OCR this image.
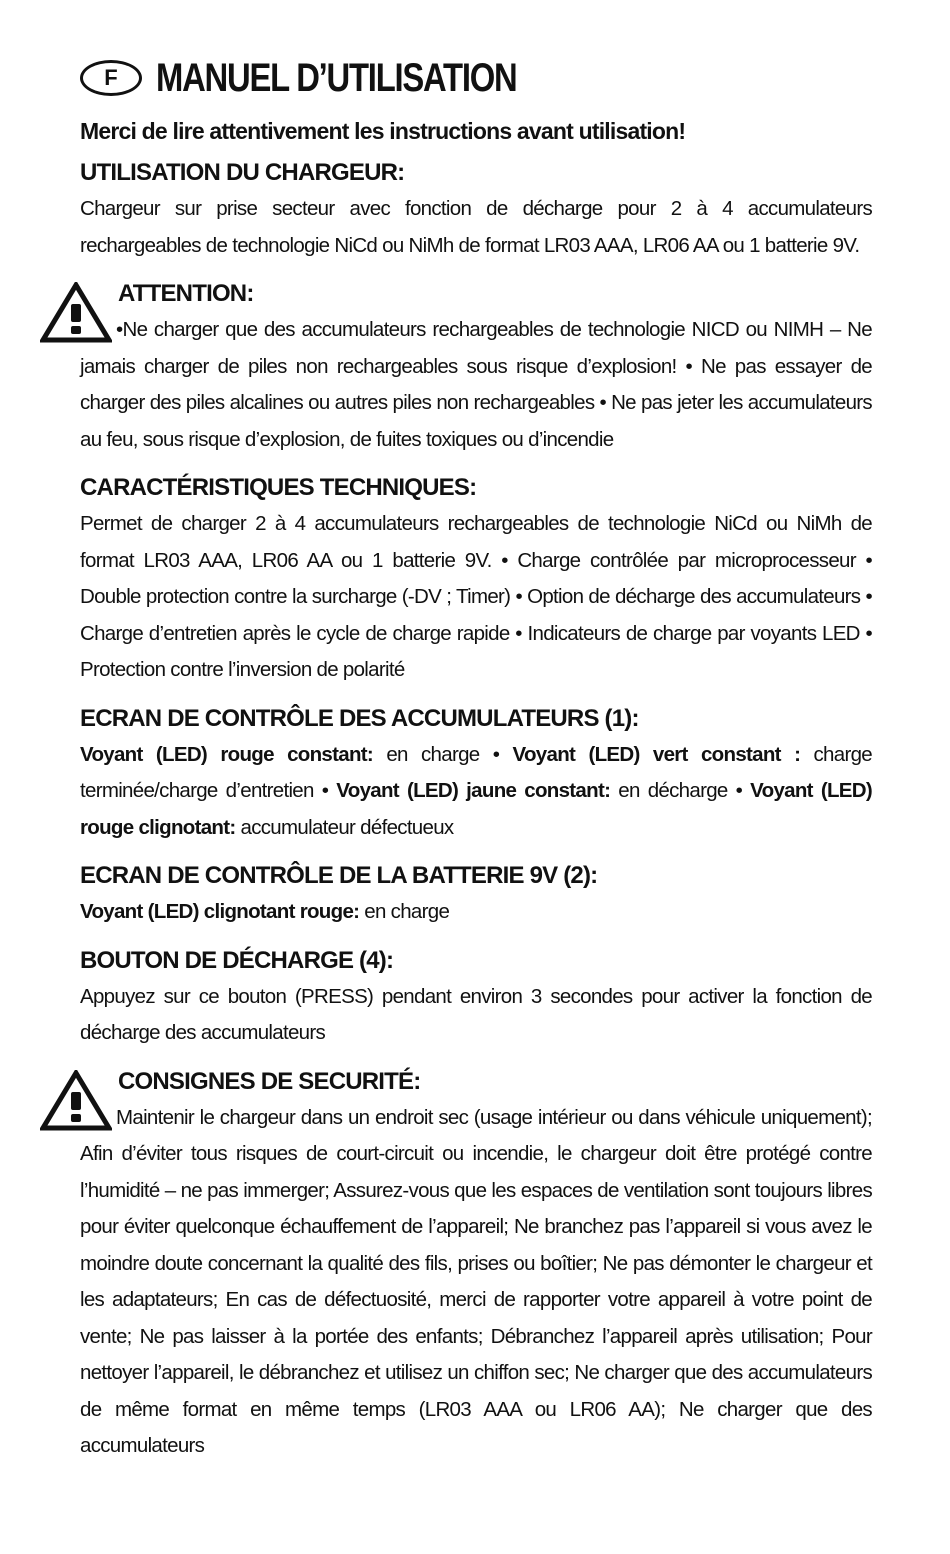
F MANUEL D’UTILISATION
Merci de lire attentivement les instructions avant utilisation!
UTILISATION DU CHARGEUR:

Chargeur sur prise secteur avec fonction de décharge pour 2 à 4 accumulateurs rechargeables de technologie NiCd ou NiMh de format LR03 AAA, LR06 AA ou 1 batterie 9V.

ATTENTION:

•Ne charger que des accumulateurs rechargeables de technologie NICD ou NIMH – Ne jamais charger de piles non rechargeables sous risque d’explosion! • Ne pas essayer de charger des piles alcalines ou autres piles non rechargeables • Ne pas jeter les accumulateurs au feu, sous risque d’explosion, de fuites toxiques ou d’incendie

CARACTÉRISTIQUES TECHNIQUES:

Permet de charger 2 à 4 accumulateurs rechargeables de technologie NiCd ou NiMh de format LR03 AAA, LR06 AA ou 1 batterie 9V. • Charge contrôlée par microprocesseur • Double protection contre la surcharge (-DV ; Timer) • Option de décharge des accumulateurs • Charge d’entretien après le cycle de charge rapide • Indicateurs de charge par voyants LED • Protection contre l’inversion de polarité

ECRAN DE CONTRÔLE DES ACCUMULATEURS (1):

Voyant (LED) rouge constant: en charge • Voyant (LED) vert constant : charge terminée/charge d’entretien • Voyant (LED) jaune constant: en décharge • Voyant (LED) rouge clignotant: accumulateur défectueux

ECRAN DE CONTRÔLE DE LA BATTERIE 9V (2):

Voyant (LED) clignotant rouge: en charge

BOUTON DE DÉCHARGE (4):

Appuyez sur ce bouton (PRESS) pendant environ 3 secondes pour activer la fonction de décharge des accumulateurs

CONSIGNES DE SECURITÉ:

Maintenir le chargeur dans un endroit sec (usage intérieur ou dans véhicule uniquement); Afin d’éviter tous risques de court-circuit ou incendie, le chargeur doit être protégé contre l’humidité – ne pas immerger; Assurez-vous que les espaces de ventilation sont toujours libres pour éviter quelconque échauffement de l’appareil; Ne branchez pas l’appareil si vous avez le moindre doute concernant la qualité des fils, prises ou boîtier; Ne pas démonter le chargeur et les adaptateurs; En cas de défectuosité, merci de rapporter votre appareil à votre point de vente; Ne pas laisser à la portée des enfants; Débranchez l’appareil après utilisation; Pour nettoyer l’appareil, le débranchez et utilisez un chiffon sec; Ne charger que des accumulateurs de même format en même temps (LR03 AAA ou LR06 AA); Ne charger que des accumulateurs
